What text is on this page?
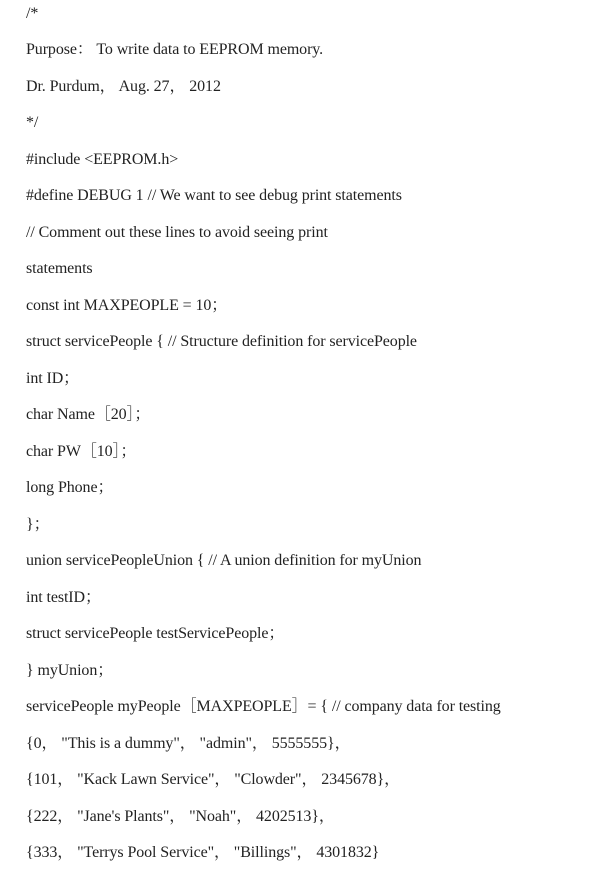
/*
Purpose： To write data to EEPROM memory.
Dr. Purdum， Aug. 27， 2012
*/
#include <EEPROM.h>
#define DEBUG 1 // We want to see debug print statements
// Comment out these lines to avoid seeing print
statements
const int MAXPEOPLE = 10；
struct servicePeople { // Structure definition for servicePeople
int ID；
char Name［20］；
char PW［10］；
long Phone；
}；
union servicePeopleUnion { // A union definition for myUnion
int testID；
struct servicePeople testServicePeople；
} myUnion；
servicePeople myPeople［MAXPEOPLE］= { // company data for testing
{0， "This is a dummy"， "admin"， 5555555}，
{101， "Kack Lawn Service"， "Clowder"， 2345678}，
{222， "Jane's Plants"， "Noah"， 4202513}，
{333， "Terrys Pool Service"， "Billings"， 4301832}
